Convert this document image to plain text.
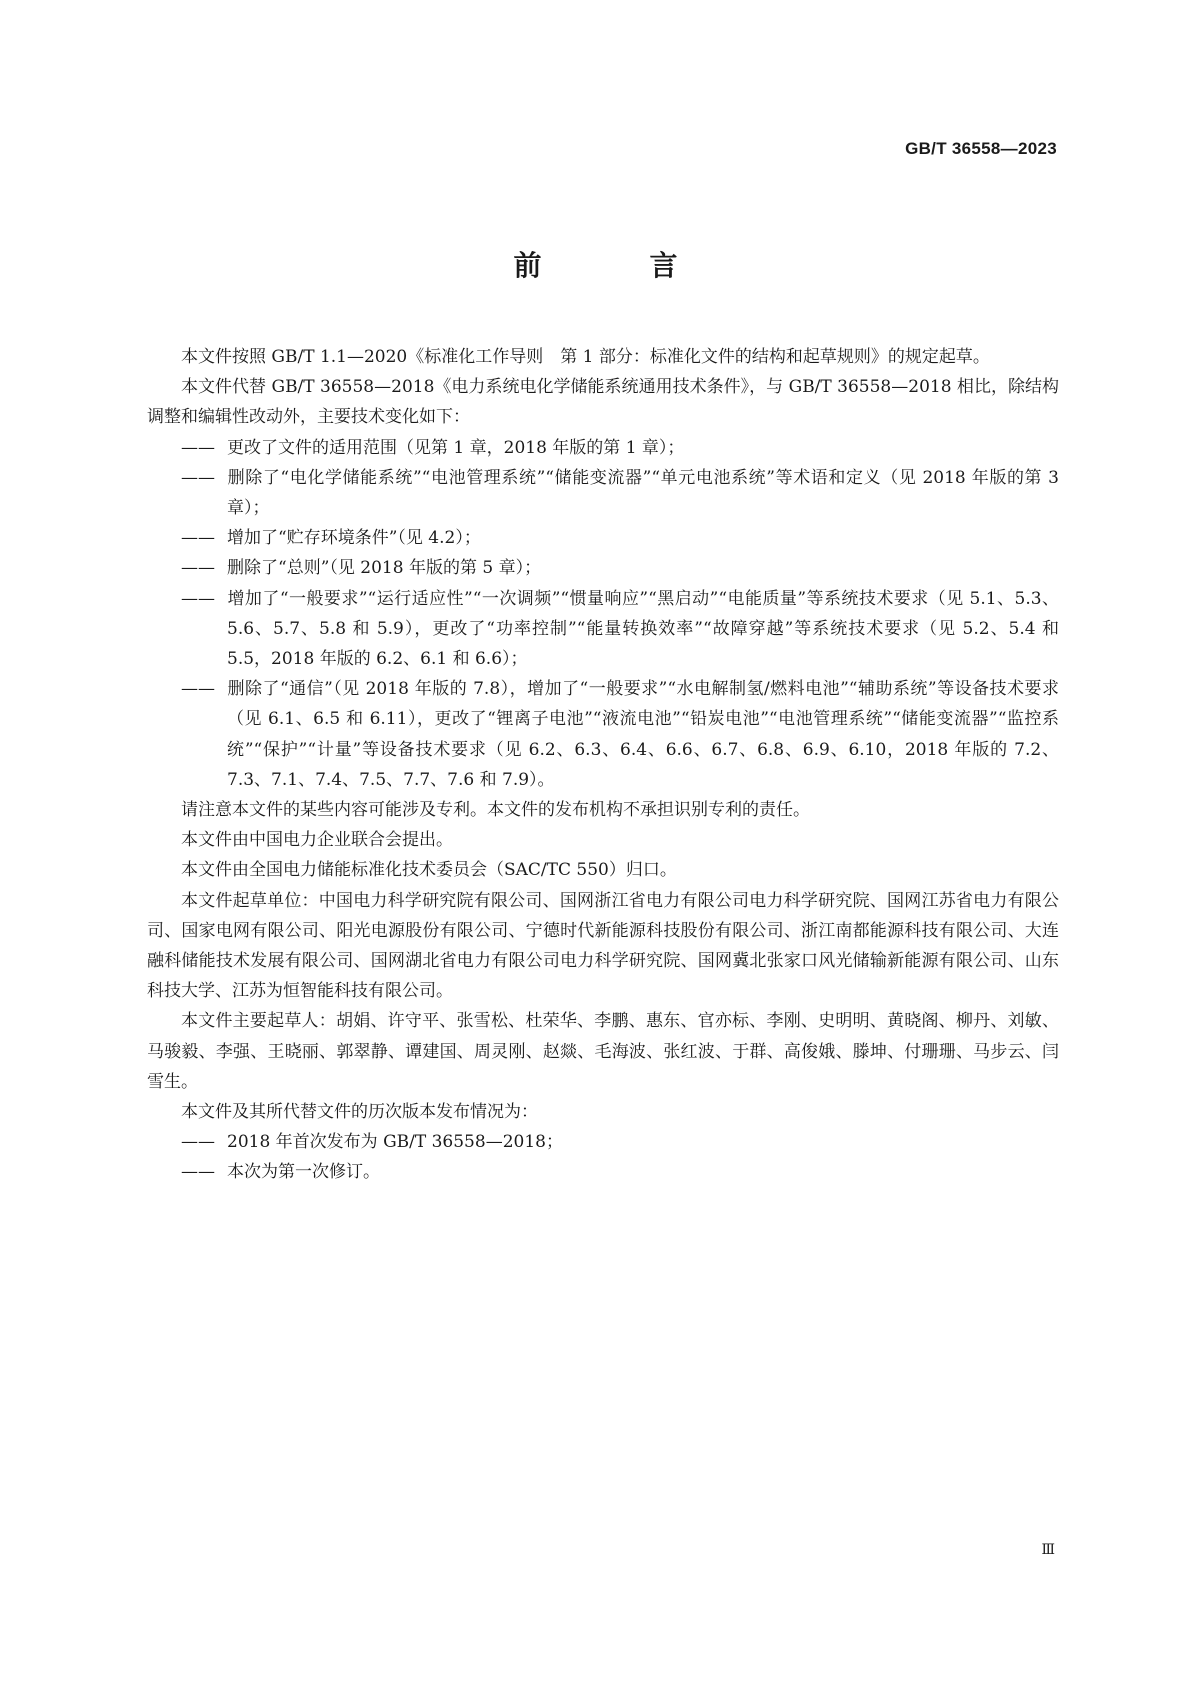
GB/T 36558—2023
前　言
本文件按照 GB/T 1.1—2020《标准化工作导则　第 1 部分：标准化文件的结构和起草规则》的规定起草。
本文件代替 GB/T 36558—2018《电力系统电化学储能系统通用技术条件》，与 GB/T 36558—2018 相比，除结构调整和编辑性改动外，主要技术变化如下：
—— 更改了文件的适用范围（见第 1 章，2018 年版的第 1 章）；
—— 删除了“电化学储能系统”“电池管理系统”“储能变流器”“单元电池系统”等术语和定义（见 2018 年版的第 3 章）；
—— 增加了“贮存环境条件”（见 4.2）；
—— 删除了“总则”（见 2018 年版的第 5 章）；
—— 增加了“一般要求”“运行适应性”“一次调频”“惯量响应”“黑启动”“电能质量”等系统技术要求（见 5.1、5.3、5.6、5.7、5.8 和 5.9），更改了“功率控制”“能量转换效率”“故障穿越”等系统技术要求（见 5.2、5.4 和 5.5，2018 年版的 6.2、6.1 和 6.6）；
—— 删除了“通信”（见 2018 年版的 7.8），增加了“一般要求”“水电解制氢/燃料电池”“辅助系统”等设备技术要求（见 6.1、6.5 和 6.11），更改了“锂离子电池”“液流电池”“铅炭电池”“电池管理系统”“储能变流器”“监控系统”“保护”“计量”等设备技术要求（见 6.2、6.3、6.4、6.6、6.7、6.8、6.9、6.10，2018 年版的 7.2、7.3、7.1、7.4、7.5、7.7、7.6 和 7.9）。
请注意本文件的某些内容可能涉及专利。本文件的发布机构不承担识别专利的责任。
本文件由中国电力企业联合会提出。
本文件由全国电力储能标准化技术委员会（SAC/TC 550）归口。
本文件起草单位：中国电力科学研究院有限公司、国网浙江省电力有限公司电力科学研究院、国网江苏省电力有限公司、国家电网有限公司、阳光电源股份有限公司、宁德时代新能源科技股份有限公司、浙江南都能源科技有限公司、大连融科储能技术发展有限公司、国网湖北省电力有限公司电力科学研究院、国网冀北张家口风光储输新能源有限公司、山东科技大学、江苏为恒智能科技有限公司。
本文件主要起草人：胡娟、许守平、张雪松、杜荣华、李鹏、惠东、官亦标、李刚、史明明、黄晓阁、柳丹、刘敏、马骏毅、李强、王晓丽、郭翠静、谭建国、周灵刚、赵燚、毛海波、张红波、于群、高俊娥、滕坤、付珊珊、马步云、闫雪生。
本文件及其所代替文件的历次版本发布情况为：
—— 2018 年首次发布为 GB/T 36558—2018；
—— 本次为第一次修订。
Ⅲ
